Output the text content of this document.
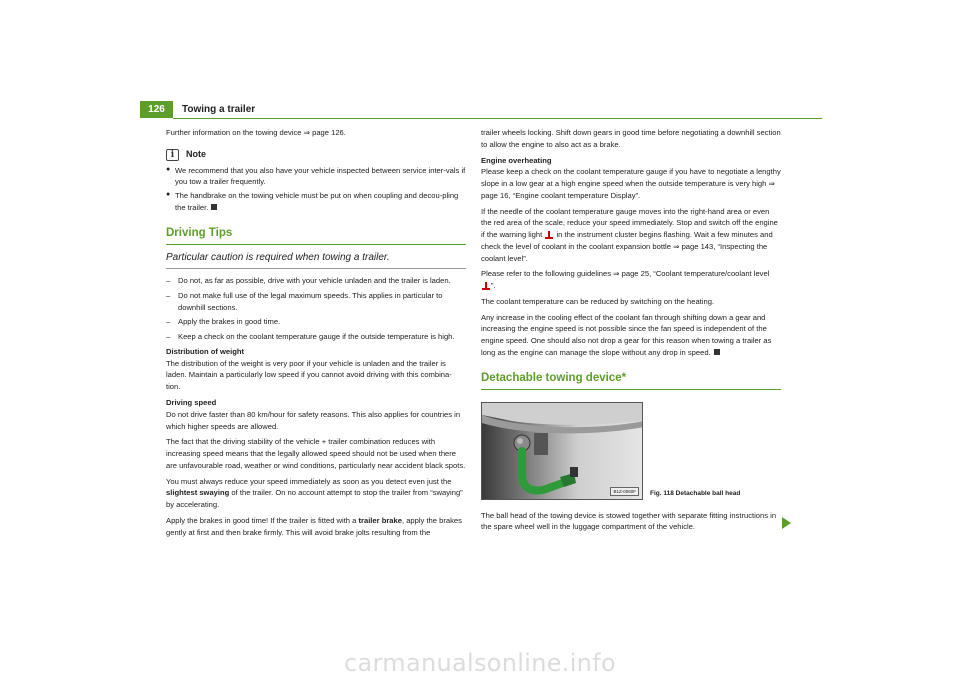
126	Towing a trailer

Further information on the towing device ⇒ page 126.

i
Note
● We recommend that you also have your vehicle inspected between service inter-vals if you tow a trailer frequently.
● The handbrake on the towing vehicle must be put on when coupling and decou-pling the trailer.
Driving Tips
Particular caution is required when towing a trailer.
–	Do not, as far as possible, drive with your vehicle unladen and the trailer is laden.
–	Do not make full use of the legal maximum speeds. This applies in particular to downhill sections.
–	Apply the brakes in good time.
–	Keep a check on the coolant temperature gauge if the outside temperature is high.

Distribution of weight

The distribution of the weight is very poor if your vehicle is unladen and the trailer is laden. Maintain a particularly low speed if you cannot avoid driving with this combina-tion.

Driving speed

Do not drive faster than 80 km/hour for safety reasons. This also applies for countries in which higher speeds are allowed.

The fact that the driving stability of the vehicle + trailer combination reduces with increasing speed means that the legally allowed speed should not be used when there are unfavourable road, weather or wind conditions, particularly near accident black spots.

You must always reduce your speed immediately as soon as you detect even just the slightest swaying of the trailer. On no account attempt to stop the trailer from “swaying” by accelerating.

Apply the brakes in good time! If the trailer is fitted with a trailer brake, apply the brakes gently at first and then brake firmly. This will avoid brake jolts resulting from the

trailer wheels locking. Shift down gears in good time before negotiating a downhill section to allow the engine to also act as a brake.

Engine overheating

Please keep a check on the coolant temperature gauge if you have to negotiate a lengthy slope in a low gear at a high engine speed when the outside temperature is very high ⇒ page 16, “Engine coolant temperature Display”.

If the needle of the coolant temperature gauge moves into the right-hand area or even the red area of the scale, reduce your speed immediately. Stop and switch off the engine if the warning light  in the instrument cluster begins flashing. Wait a few minutes and check the level of coolant in the coolant expansion bottle ⇒ page 143, “Inspecting the coolant level”.

Please refer to the following guidelines ⇒ page 25, “Coolant temperature/coolant level ”.

The coolant temperature can be reduced by switching on the heating.

Any increase in the cooling effect of the coolant fan through shifting down a gear and increasing the engine speed is not possible since the fan speed is independent of the engine speed. One should also not drop a gear for this reason when towing a trailer as long as the engine can manage the slope without any drop in speed.

Detachable towing device*
B1Z-0060F	Fig. 118 Detachable ball head

The ball head of the towing device is stowed together with separate fitting instructions in the spare wheel well in the luggage compartment of the vehicle.

carmanualsonline.info
